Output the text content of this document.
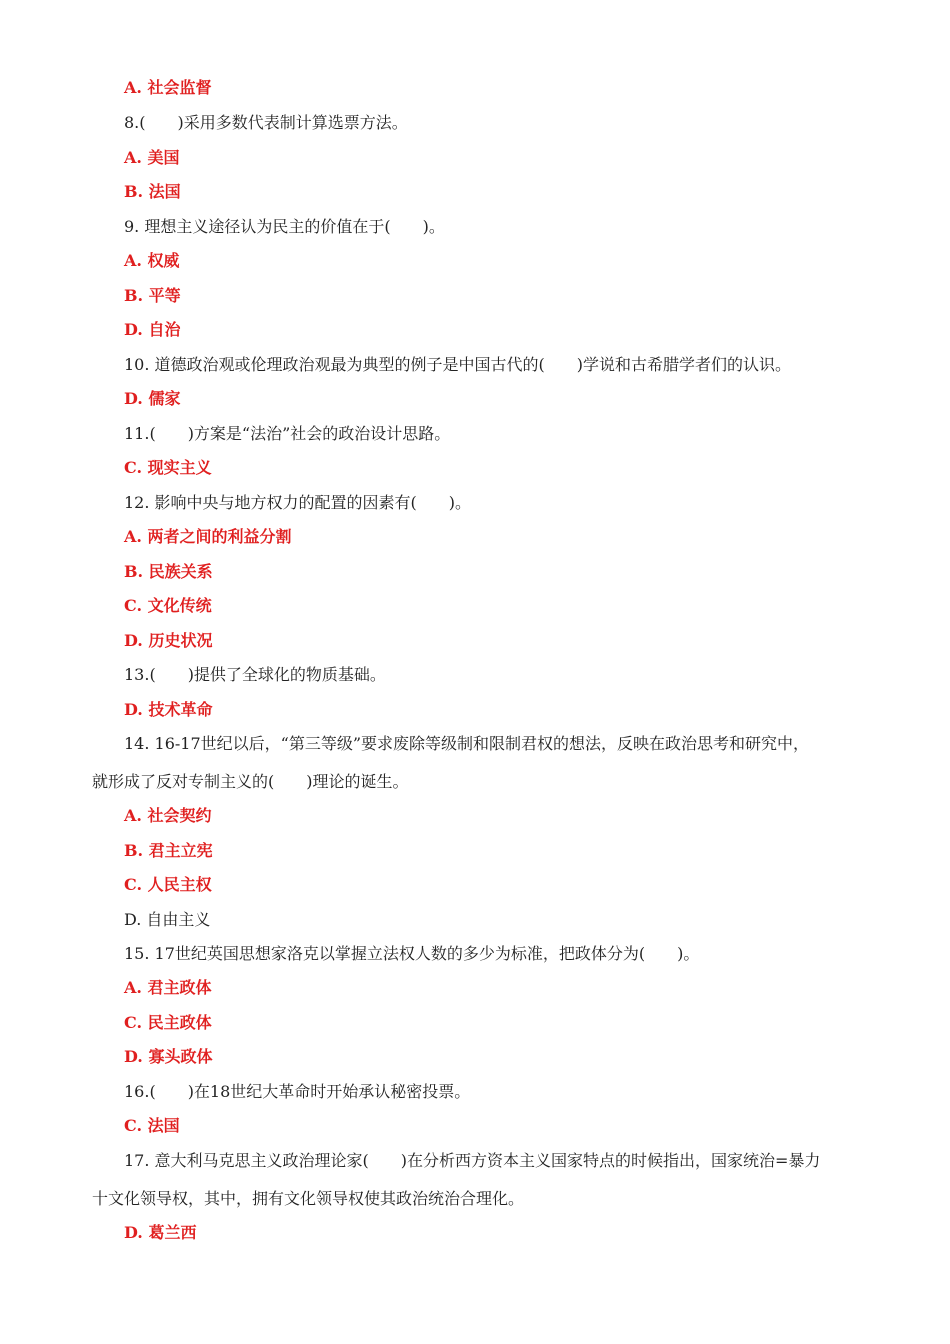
A. 社会监督
8.(　　)采用多数代表制计算选票方法。
A. 美国
B. 法国
9. 理想主义途径认为民主的价值在于(　　)。
A. 权威
B. 平等
D. 自治
10. 道德政治观或伦理政治观最为典型的例子是中国古代的(　　)学说和古希腊学者们的认识。
D. 儒家
11.(　　)方案是“法治”社会的政治设计思路。
C. 现实主义
12. 影响中央与地方权力的配置的因素有(　　)。
A. 两者之间的利益分割
B. 民族关系
C. 文化传统
D. 历史状况
13.(　　)提供了全球化的物质基础。
D. 技术革命
14. 16-17世纪以后，“第三等级”要求废除等级制和限制君权的想法，反映在政治思考和研究中，
就形成了反对专制主义的(　　)理论的诞生。
A. 社会契约
B. 君主立宪
C. 人民主权
D. 自由主义
15. 17世纪英国思想家洛克以掌握立法权人数的多少为标准，把政体分为(　　)。
A. 君主政体
C. 民主政体
D. 寡头政体
16.(　　)在18世纪大革命时开始承认秘密投票。
C. 法国
17. 意大利马克思主义政治理论家(　　)在分析西方资本主义国家特点的时候指出，国家统治=暴力
十文化领导权，其中，拥有文化领导权使其政治统治合理化。
D. 葛兰西
